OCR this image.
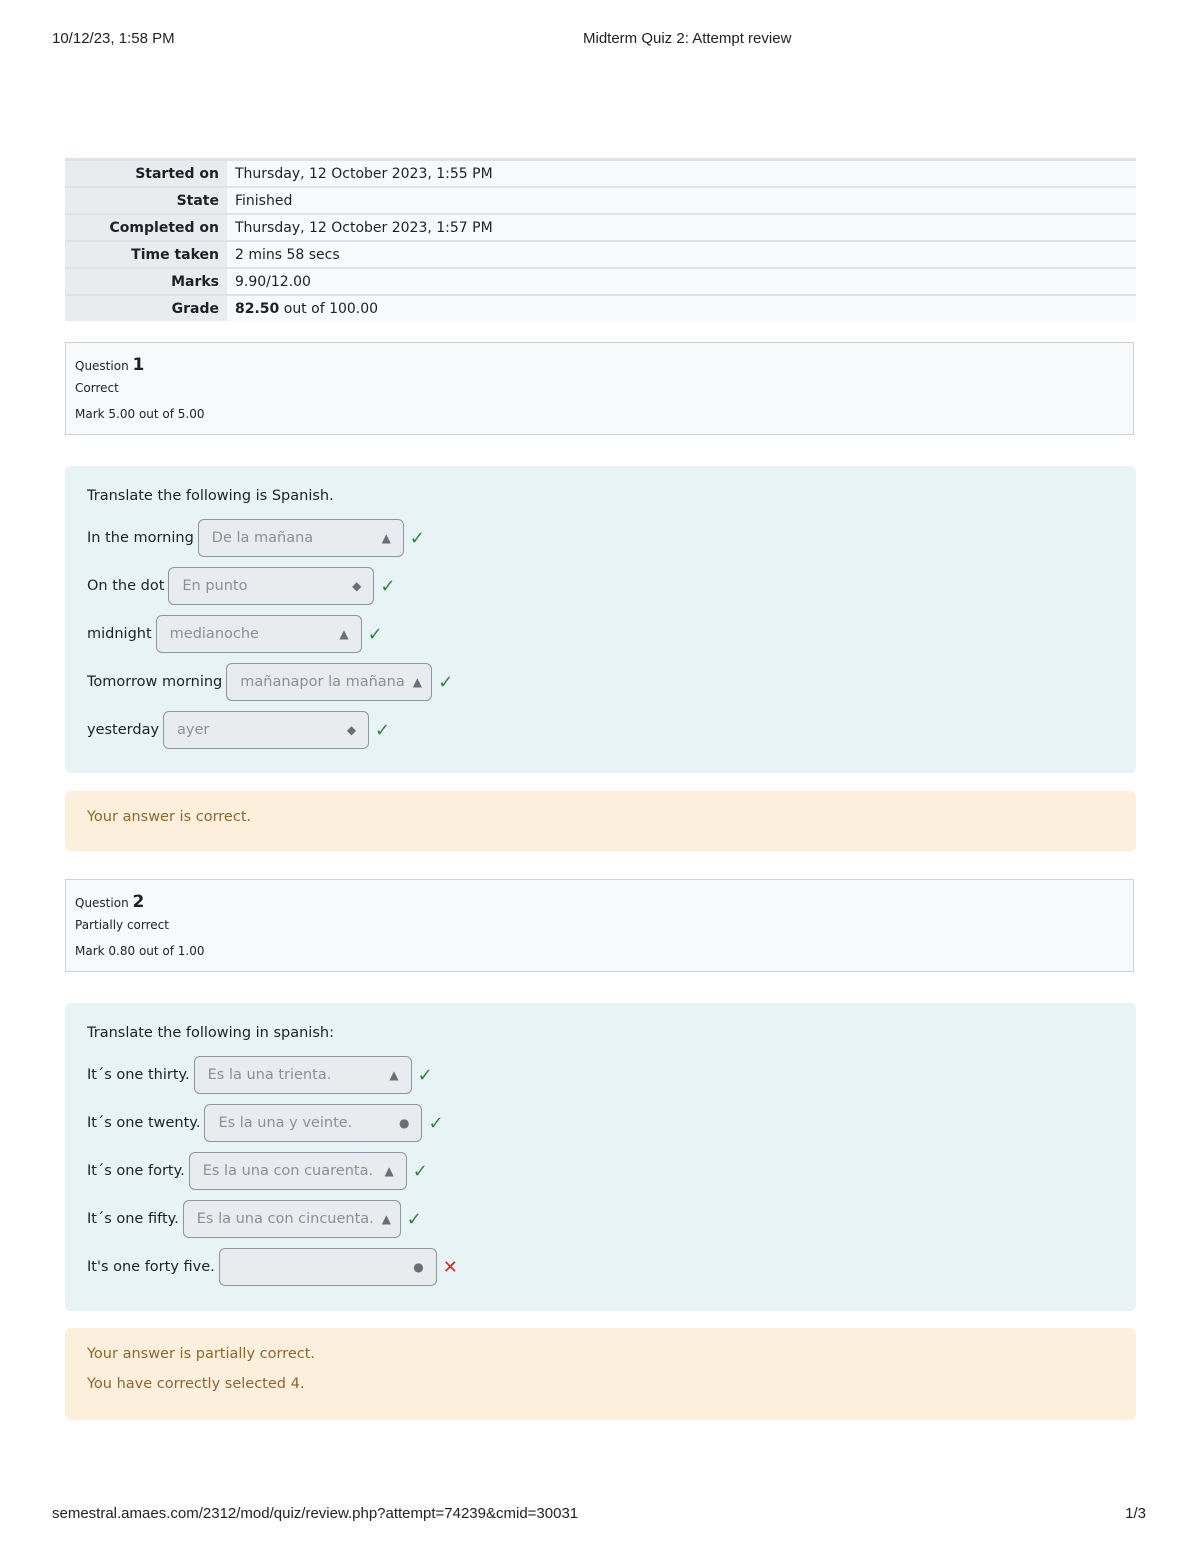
10/12/23, 1:58 PM	Midterm Quiz 2: Attempt review
Started on	Thursday, 12 October 2023, 1:55 PM
State	Finished
Completed on	Thursday, 12 October 2023, 1:57 PM
Time taken	2 mins 58 secs
Marks	9.90/12.00
Grade	82.50 out of 100.00
Question 1
Correct
Mark 5.00 out of 5.00
Translate the following is Spanish.
In the morning De la mañana	▲︎ ✓
On the dot En punto	◆ ✓
midnight medianoche	▲︎ ✓
Tomorrow morning mañanapor la mañana ▲︎ ✓
yesterday ayer	◆ ✓

Your answer is correct.

Question 2
Partially correct
Mark 0.80 out of 1.00
Translate the following in spanish:
It´s one thirty. Es la una trienta.	▲︎ ✓
It´s one twenty. Es la una y veinte.	● ✓
It´s one forty. Es la una con cuarenta. ▲︎ ✓
It´s one fifty. Es la una con cincuenta. ▲︎ ✓
It's one forty five.	● ✕

Your answer is partially correct.

You have correctly selected 4.

semestral.amaes.com/2312/mod/quiz/review.php?attempt=74239&cmid=30031	1/3
